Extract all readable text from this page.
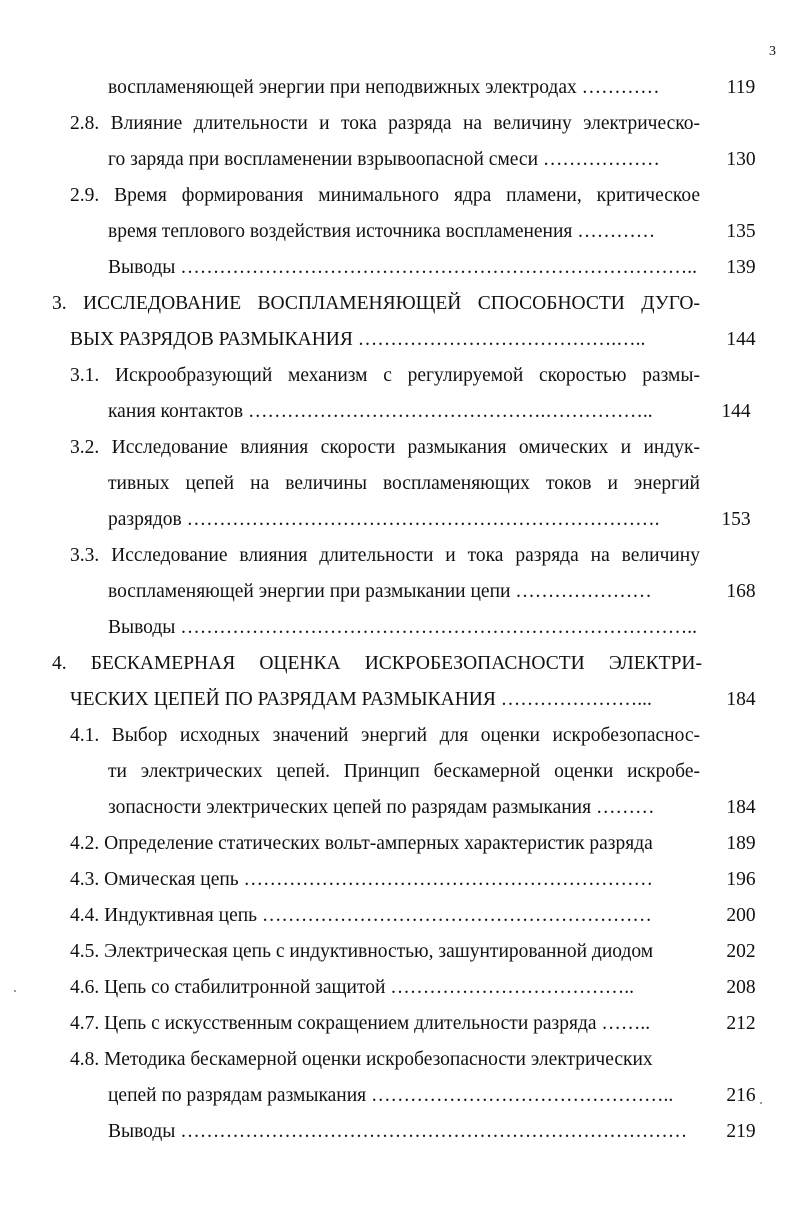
3
воспламеняющей энергии при неподвижных электродах …………	119
2.8. Влияние длительности и тока разряда на величину электрическо-
го заряда при воспламенении взрывоопасной смеси ………………	130
2.9. Время формирования минимального ядра пламени, критическое
время теплового воздействия источника воспламенения …………	135
Выводы ……………………………………………………………………..	139
3. ИССЛЕДОВАНИЕ ВОСПЛАМЕНЯЮЩЕЙ СПОСОБНОСТИ ДУГО-
ВЫХ РАЗРЯДОВ РАЗМЫКАНИЯ ………………………………….…..	144
3.1. Искрообразующий механизм с регулируемой скоростью размы-
кания контактов ……………………………………….……………..	144
3.2. Исследование влияния скорости размыкания омических и индук-
тивных цепей на величины воспламеняющих токов и энергий
разрядов ……………………………………………………………….	153
3.3. Исследование влияния длительности и тока разряда на величину
воспламеняющей энергии при размыкании цепи …………………	168
Выводы ……………………………………………………………………..
4. БЕСКАМЕРНАЯ ОЦЕНКА ИСКРОБЕЗОПАСНОСТИ ЭЛЕКТРИ-
ЧЕСКИХ ЦЕПЕЙ ПО РАЗРЯДАМ РАЗМЫКАНИЯ …………………...	184
4.1. Выбор исходных значений энергий для оценки искробезопаснос-
ти электрических цепей. Принцип бескамерной оценки искробе-
зопасности электрических цепей по разрядам размыкания ………	184
4.2. Определение статических вольт-амперных характеристик разряда	189
4.3. Омическая цепь ………………………………………………………	196
4.4. Индуктивная цепь ……………………………………………………	200
4.5. Электрическая цепь с индуктивностью, зашунтированной диодом	202
4.6. Цепь со стабилитронной защитой ………………………………..	208
4.7. Цепь с искусственным сокращением длительности разряда ……..	212
4.8. Методика бескамерной оценки искробезопасности электрических
цепей по разрядам размыкания ………………………………………..	216
Выводы ……………………………………………………………………	219
